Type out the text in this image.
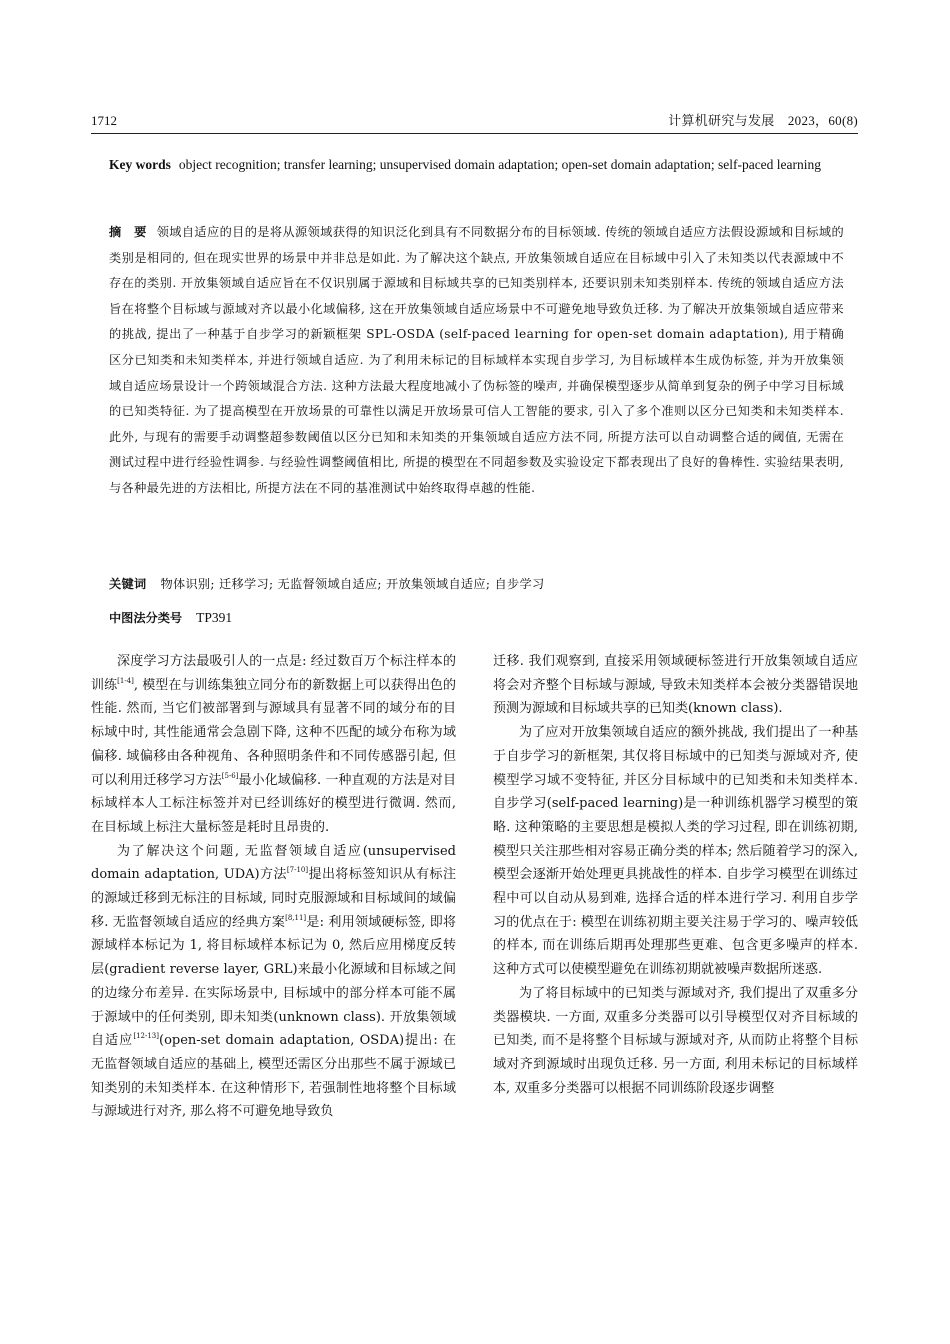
1712	计算机研究与发展　2023，60(8)
Key words object recognition; transfer learning; unsupervised domain adaptation; open-set domain adaptation; self-paced learning
摘　要 领域自适应的目的是将从源领域获得的知识泛化到具有不同数据分布的目标领域. 传统的领域自适应方法假设源域和目标域的类别是相同的, 但在现实世界的场景中并非总是如此. 为了解决这个缺点, 开放集领域自适应在目标域中引入了未知类以代表源域中不存在的类别. 开放集领域自适应旨在不仅识别属于源域和目标域共享的已知类别样本, 还要识别未知类别样本. 传统的领域自适应方法旨在将整个目标域与源域对齐以最小化域偏移, 这在开放集领域自适应场景中不可避免地导致负迁移. 为了解决开放集领域自适应带来的挑战, 提出了一种基于自步学习的新颖框架 SPL-OSDA (self-paced learning for open-set domain adaptation), 用于精确区分已知类和未知类样本, 并进行领域自适应. 为了利用未标记的目标域样本实现自步学习, 为目标域样本生成伪标签, 并为开放集领域自适应场景设计一个跨领域混合方法. 这种方法最大程度地减小了伪标签的噪声, 并确保模型逐步从简单到复杂的例子中学习目标域的已知类特征. 为了提高模型在开放场景的可靠性以满足开放场景可信人工智能的要求, 引入了多个准则以区分已知类和未知类样本. 此外, 与现有的需要手动调整超参数阈值以区分已知和未知类的开集领域自适应方法不同, 所提方法可以自动调整合适的阈值, 无需在测试过程中进行经验性调参. 与经验性调整阈值相比, 所提的模型在不同超参数及实验设定下都表现出了良好的鲁棒性. 实验结果表明, 与各种最先进的方法相比, 所提方法在不同的基准测试中始终取得卓越的性能.
关键词 物体识别; 迁移学习; 无监督领域自适应; 开放集领域自适应; 自步学习
中图法分类号 TP391

深度学习方法最吸引人的一点是: 经过数百万个标注样本的训练[1-4], 模型在与训练集独立同分布的新数据上可以获得出色的性能. 然而, 当它们被部署到与源域具有显著不同的域分布的目标域中时, 其性能通常会急剧下降, 这种不匹配的域分布称为域偏移. 域偏移由各种视角、各种照明条件和不同传感器引起, 但可以利用迁移学习方法[5-6]最小化域偏移. 一种直观的方法是对目标域样本人工标注标签并对已经训练好的模型进行微调. 然而, 在目标域上标注大量标签是耗时且昂贵的.

为了解决这个问题, 无监督领域自适应(unsupervised domain adaptation, UDA)方法[7-10]提出将标签知识从有标注的源域迁移到无标注的目标域, 同时克服源域和目标域间的域偏移. 无监督领域自适应的经典方案[8,11]是: 利用领域硬标签, 即将源域样本标记为 1, 将目标域样本标记为 0, 然后应用梯度反转层(gradient reverse layer, GRL)来最小化源域和目标域之间的边缘分布差异. 在实际场景中, 目标域中的部分样本可能不属于源域中的任何类别, 即未知类(unknown class). 开放集领域自适应[12-13](open-set domain adaptation, OSDA)提出: 在无监督领域自适应的基础上, 模型还需区分出那些不属于源域已知类别的未知类样本. 在这种情形下, 若强制性地将整个目标域与源域进行对齐, 那么将不可避免地导致负

迁移. 我们观察到, 直接采用领域硬标签进行开放集领域自适应将会对齐整个目标域与源域, 导致未知类样本会被分类器错误地预测为源域和目标域共享的已知类(known class).

为了应对开放集领域自适应的额外挑战, 我们提出了一种基于自步学习的新框架, 其仅将目标域中的已知类与源域对齐, 使模型学习域不变特征, 并区分目标域中的已知类和未知类样本. 自步学习(self-paced learning)是一种训练机器学习模型的策略. 这种策略的主要思想是模拟人类的学习过程, 即在训练初期, 模型只关注那些相对容易正确分类的样本; 然后随着学习的深入, 模型会逐渐开始处理更具挑战性的样本. 自步学习模型在训练过程中可以自动从易到难, 选择合适的样本进行学习. 利用自步学习的优点在于: 模型在训练初期主要关注易于学习的、噪声较低的样本, 而在训练后期再处理那些更难、包含更多噪声的样本. 这种方式可以使模型避免在训练初期就被噪声数据所迷惑.

为了将目标域中的已知类与源域对齐, 我们提出了双重多分类器模块. 一方面, 双重多分类器可以引导模型仅对齐目标域的已知类, 而不是将整个目标域与源域对齐, 从而防止将整个目标域对齐到源域时出现负迁移. 另一方面, 利用未标记的目标域样本, 双重多分类器可以根据不同训练阶段逐步调整
